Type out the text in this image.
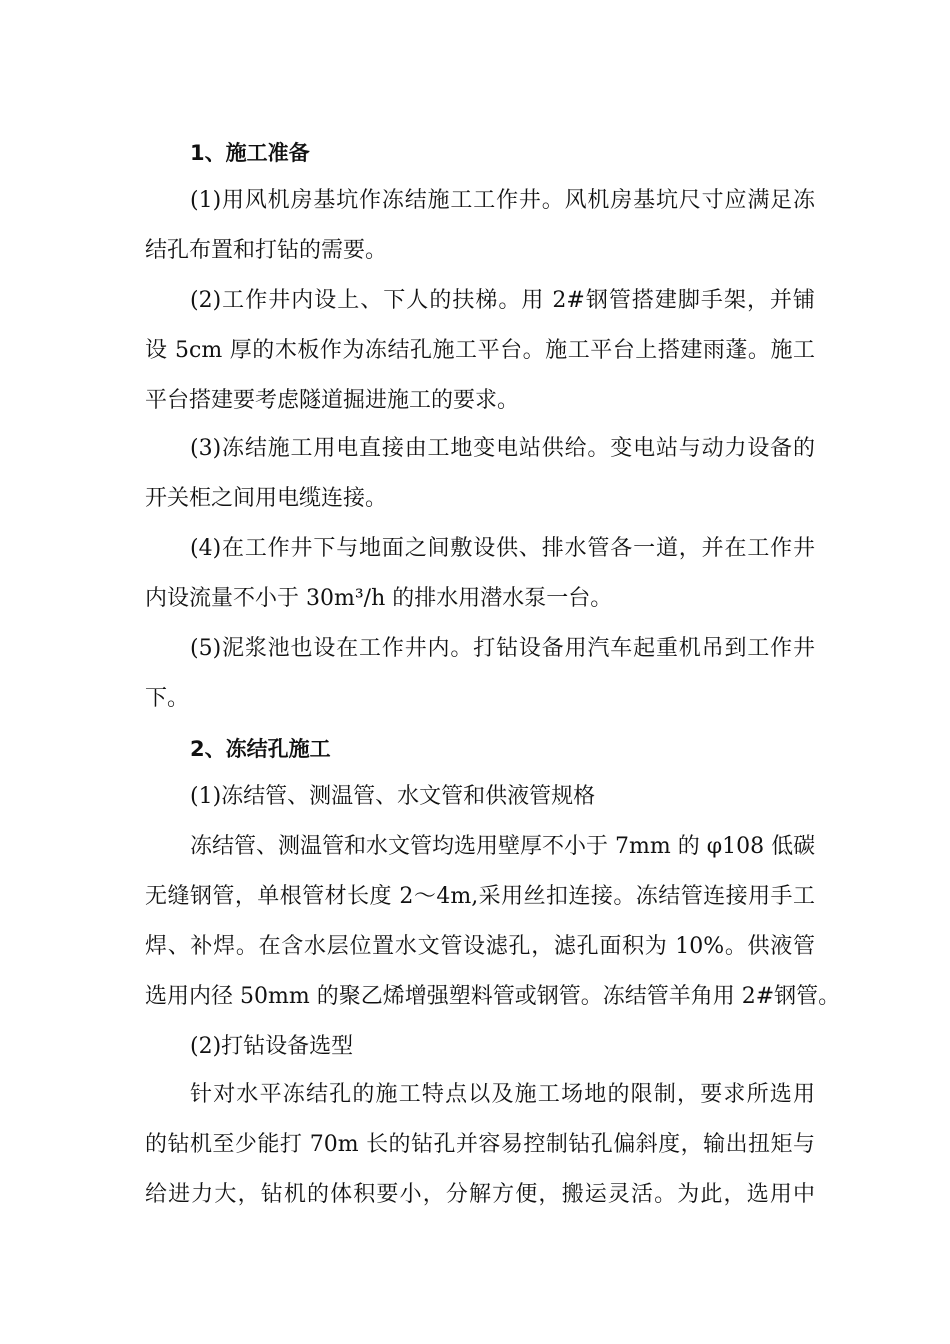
1、施工准备
(1)用风机房基坑作冻结施工工作井。风机房基坑尺寸应满足冻
结孔布置和打钻的需要。
(2)工作井内设上、下人的扶梯。用 2#钢管搭建脚手架，并铺
设 5cm 厚的木板作为冻结孔施工平台。施工平台上搭建雨蓬。施工
平台搭建要考虑隧道掘进施工的要求。
(3)冻结施工用电直接由工地变电站供给。变电站与动力设备的
开关柜之间用电缆连接。
(4)在工作井下与地面之间敷设供、排水管各一道，并在工作井
内设流量不小于 30m³/h 的排水用潜水泵一台。
(5)泥浆池也设在工作井内。打钻设备用汽车起重机吊到工作井
下。
2、冻结孔施工
(1)冻结管、测温管、水文管和供液管规格
冻结管、测温管和水文管均选用壁厚不小于 7mm 的 φ108 低碳
无缝钢管，单根管材长度 2～4m,采用丝扣连接。冻结管连接用手工
焊、补焊。在含水层位置水文管设滤孔，滤孔面积为 10%。供液管
选用内径 50mm 的聚乙烯增强塑料管或钢管。冻结管羊角用 2#钢管。
(2)打钻设备选型
针对水平冻结孔的施工特点以及施工场地的限制，要求所选用
的钻机至少能打 70m 长的钻孔并容易控制钻孔偏斜度，输出扭矩与
给进力大，钻机的体积要小，分解方便，搬运灵活。为此，选用中
